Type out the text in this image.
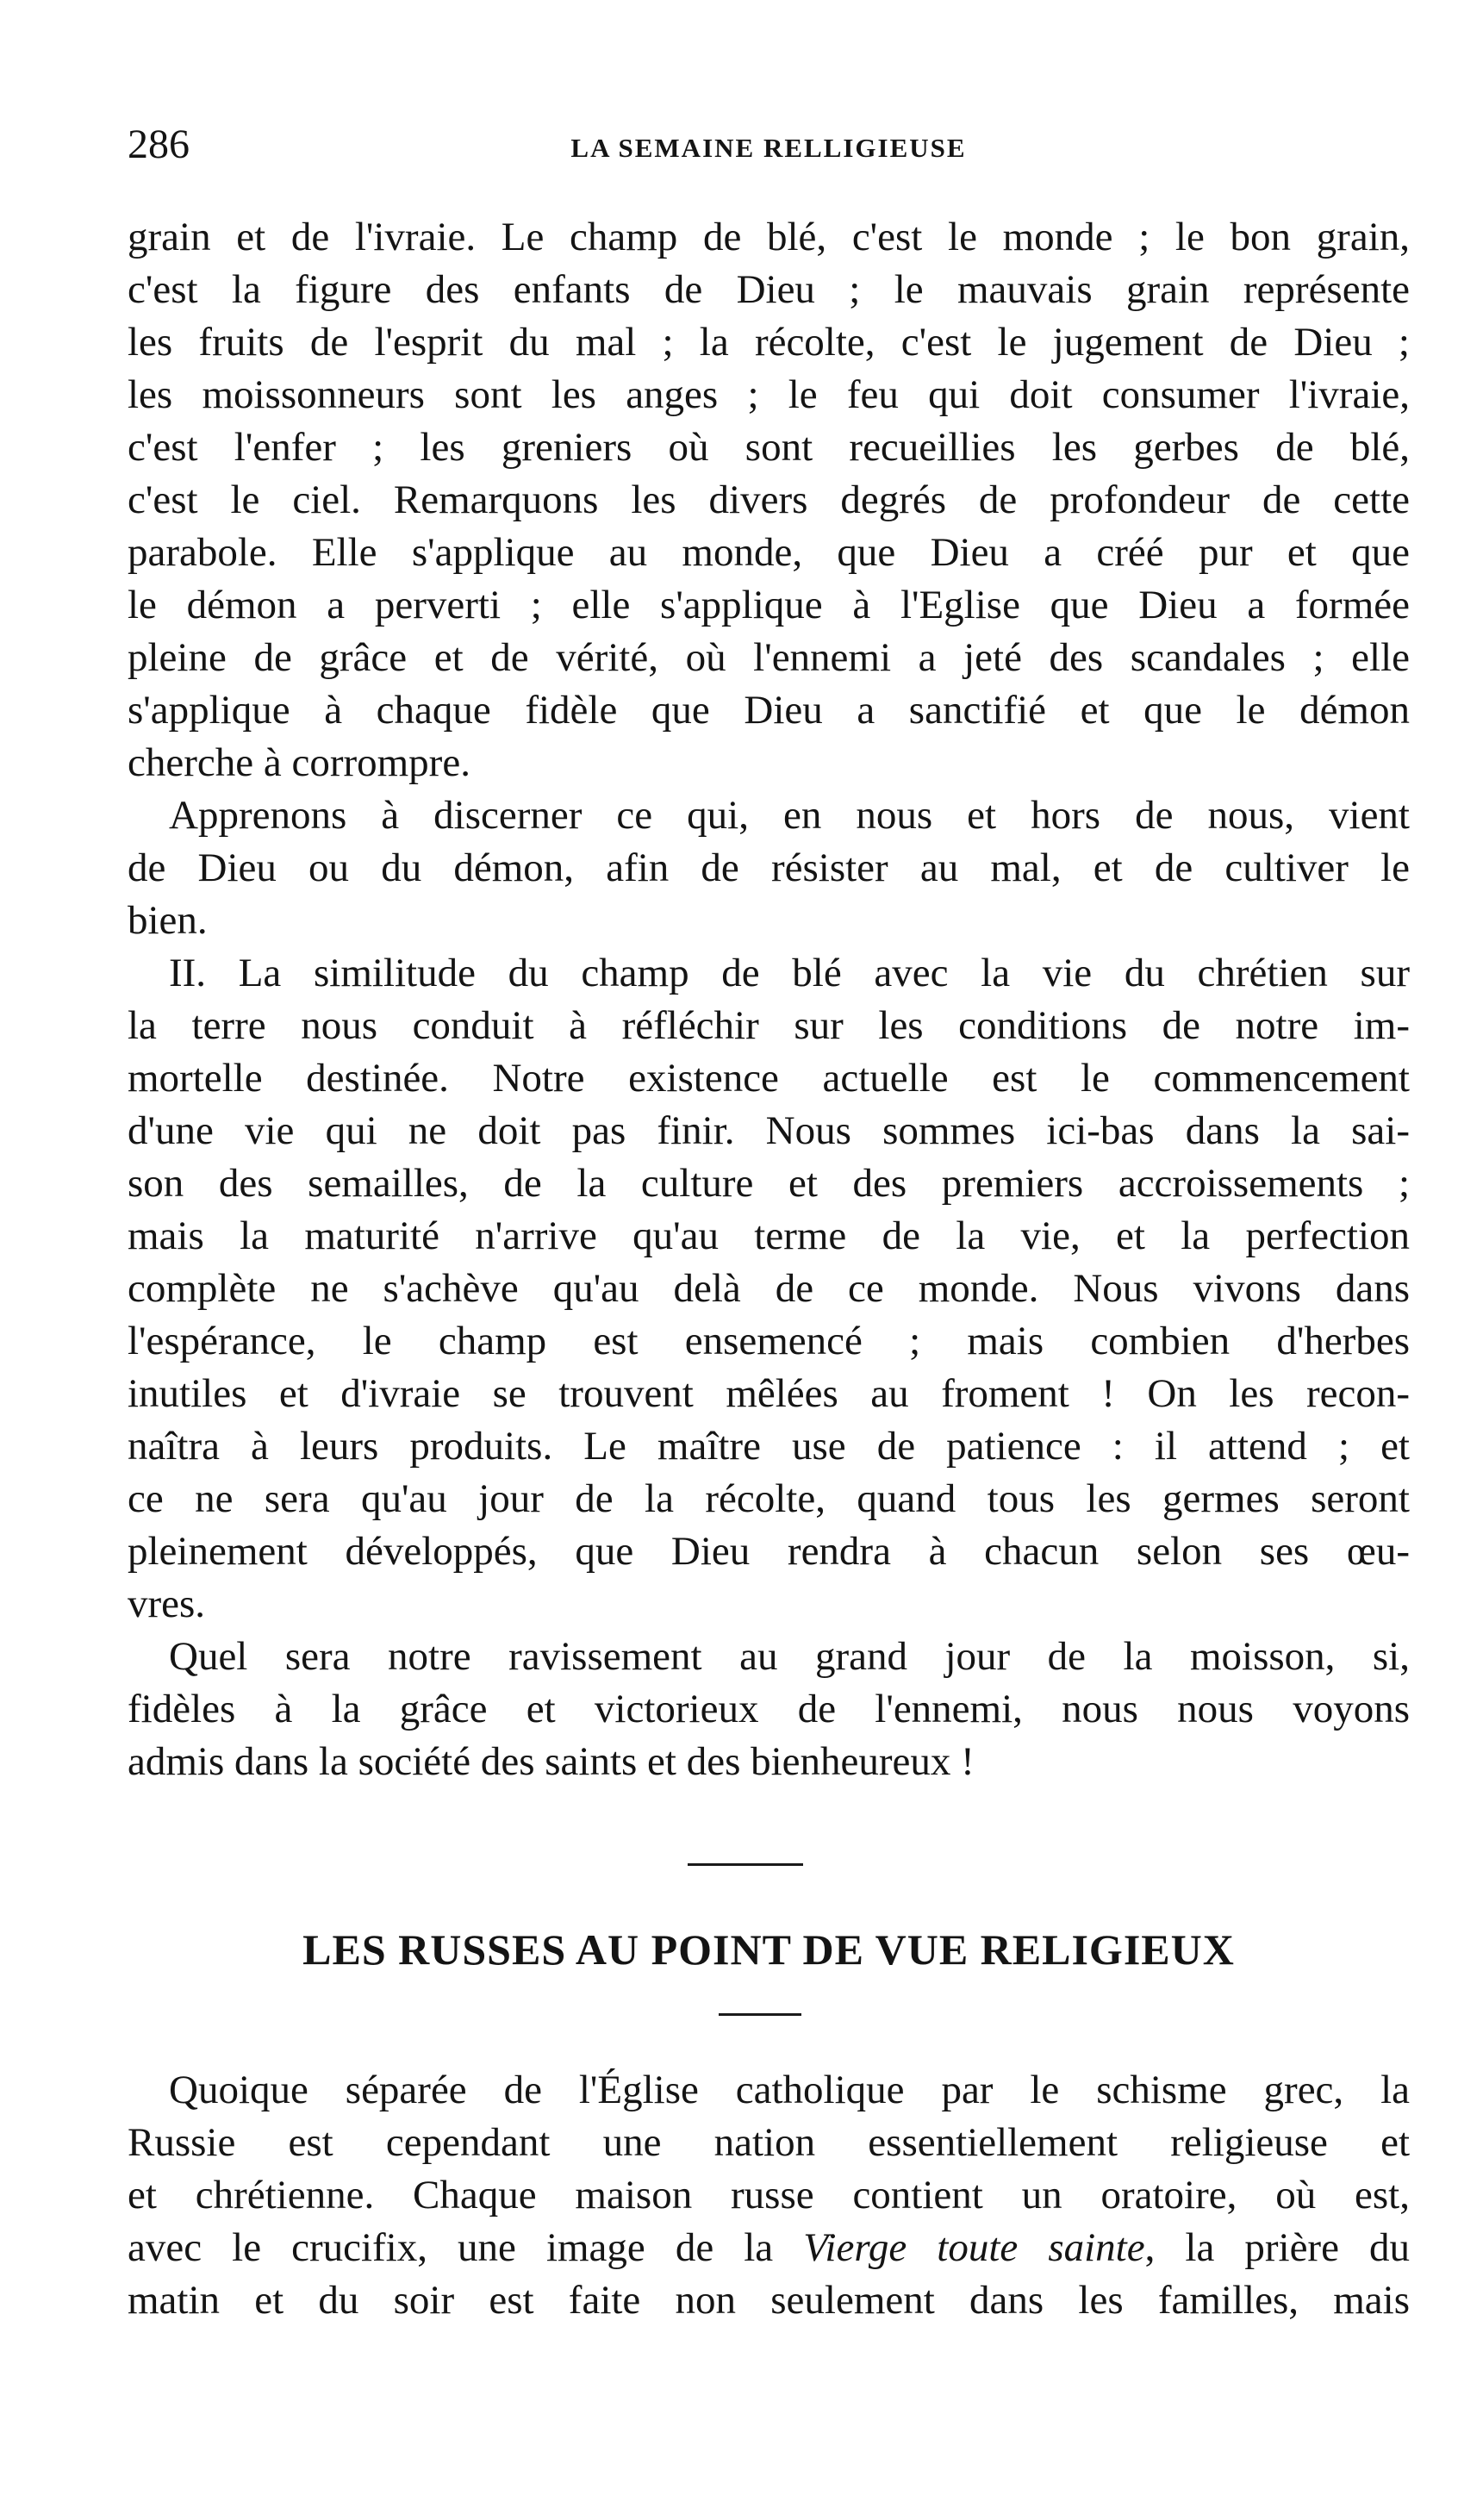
286	LA SEMAINE RELLIGIEUSE
grain et de l'ivraie. Le champ de blé, c'est le monde ; le bon grain,
c'est la figure des enfants de Dieu ; le mauvais grain représente
les fruits de l'esprit du mal ; la récolte, c'est le jugement de Dieu ;
les moissonneurs sont les anges ; le feu qui doit consumer l'ivraie,
c'est l'enfer ; les greniers où sont recueillies les gerbes de blé,
c'est le ciel. Remarquons les divers degrés de profondeur de cette
parabole. Elle s'applique au monde, que Dieu a créé pur et que
le démon a perverti ; elle s'applique à l'Eglise que Dieu a formée
pleine de grâce et de vérité, où l'ennemi a jeté des scandales ; elle
s'applique à chaque fidèle que Dieu a sanctifié et que le démon
cherche à corrompre.
Apprenons à discerner ce qui, en nous et hors de nous, vient
de Dieu ou du démon, afin de résister au mal, et de cultiver le
bien.
II. La similitude du champ de blé avec la vie du chrétien sur
la terre nous conduit à réfléchir sur les conditions de notre im-
mortelle destinée. Notre existence actuelle est le commencement
d'une vie qui ne doit pas finir. Nous sommes ici-bas dans la sai-
son des semailles, de la culture et des premiers accroissements ;
mais la maturité n'arrive qu'au terme de la vie, et la perfection
complète ne s'achève qu'au delà de ce monde. Nous vivons dans
l'espérance, le champ est ensemencé ; mais combien d'herbes
inutiles et d'ivraie se trouvent mêlées au froment ! On les recon-
naîtra à leurs produits. Le maître use de patience : il attend ; et
ce ne sera qu'au jour de la récolte, quand tous les germes seront
pleinement développés, que Dieu rendra à chacun selon ses œu-
vres.
Quel sera notre ravissement au grand jour de la moisson, si,
fidèles à la grâce et victorieux de l'ennemi, nous nous voyons
admis dans la société des saints et des bienheureux !
LES RUSSES AU POINT DE VUE RELIGIEUX
Quoique séparée de l'Église catholique par le schisme grec, la
Russie est cependant une nation essentiellement religieuse et
et chrétienne. Chaque maison russe contient un oratoire, où est,
avec le crucifix, une image de la Vierge toute sainte, la prière du
matin et du soir est faite non seulement dans les familles, mais
